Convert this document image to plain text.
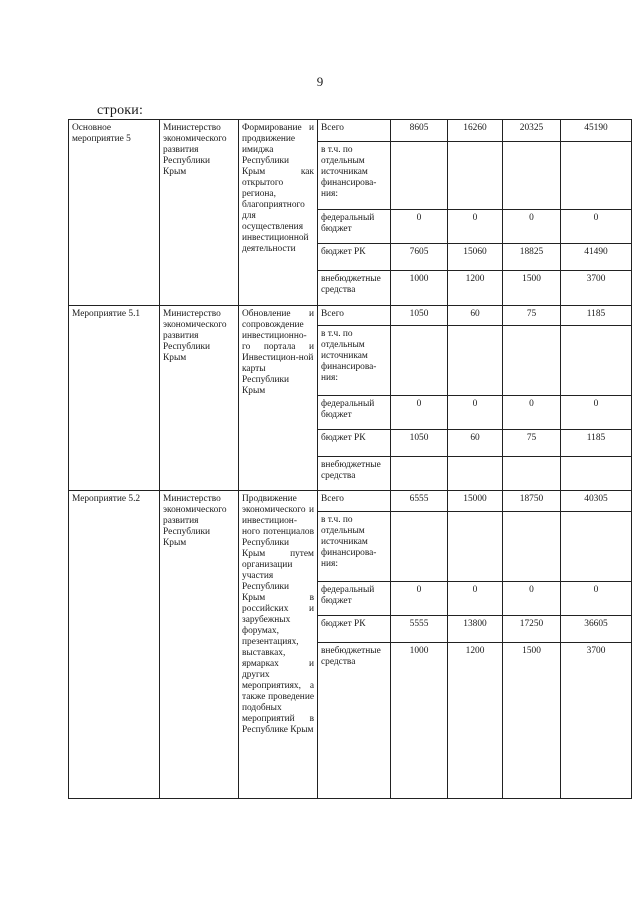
9
строки:
Основное мероприятие 5	Министерство экономического развития Республики Крым	Формирование и продвижение имиджа Республики Крым как открытого региона, благоприятного для осуществления инвестиционной деятельности	Всего	8605	16260	20325	45190
			в т.ч. по отдельным источникам финансирова-ния:				
			федеральный бюджет	0	0	0	0
			бюджет РК	7605	15060	18825	41490
			внебюджетные средства	1000	1200	1500	3700
Мероприятие 5.1	Министерство экономического развития Республики Крым	Обновление и сопровождение инвестиционно-го портала и Инвестицион-ной карты Республики Крым	Всего	1050	60	75	1185
			в т.ч. по отдельным источникам финансирова-ния:				
			федеральный бюджет	0	0	0	0
			бюджет РК	1050	60	75	1185
			внебюджетные средства				
Мероприятие 5.2	Министерство экономического развития Республики Крым	Продвижение экономического и инвестицион-ного потенциалов Республики Крым путем организации участия Республики Крым в российских и зарубежных форумах, презентациях, выставках, ярмарках и других мероприятиях, а также проведение подобных мероприятий в Республике Крым	Всего	6555	15000	18750	40305
			в т.ч. по отдельным источникам финансирова-ния:				
			федеральный бюджет	0	0	0	0
			бюджет РК	5555	13800	17250	36605
			внебюджетные средства	1000	1200	1500	3700
